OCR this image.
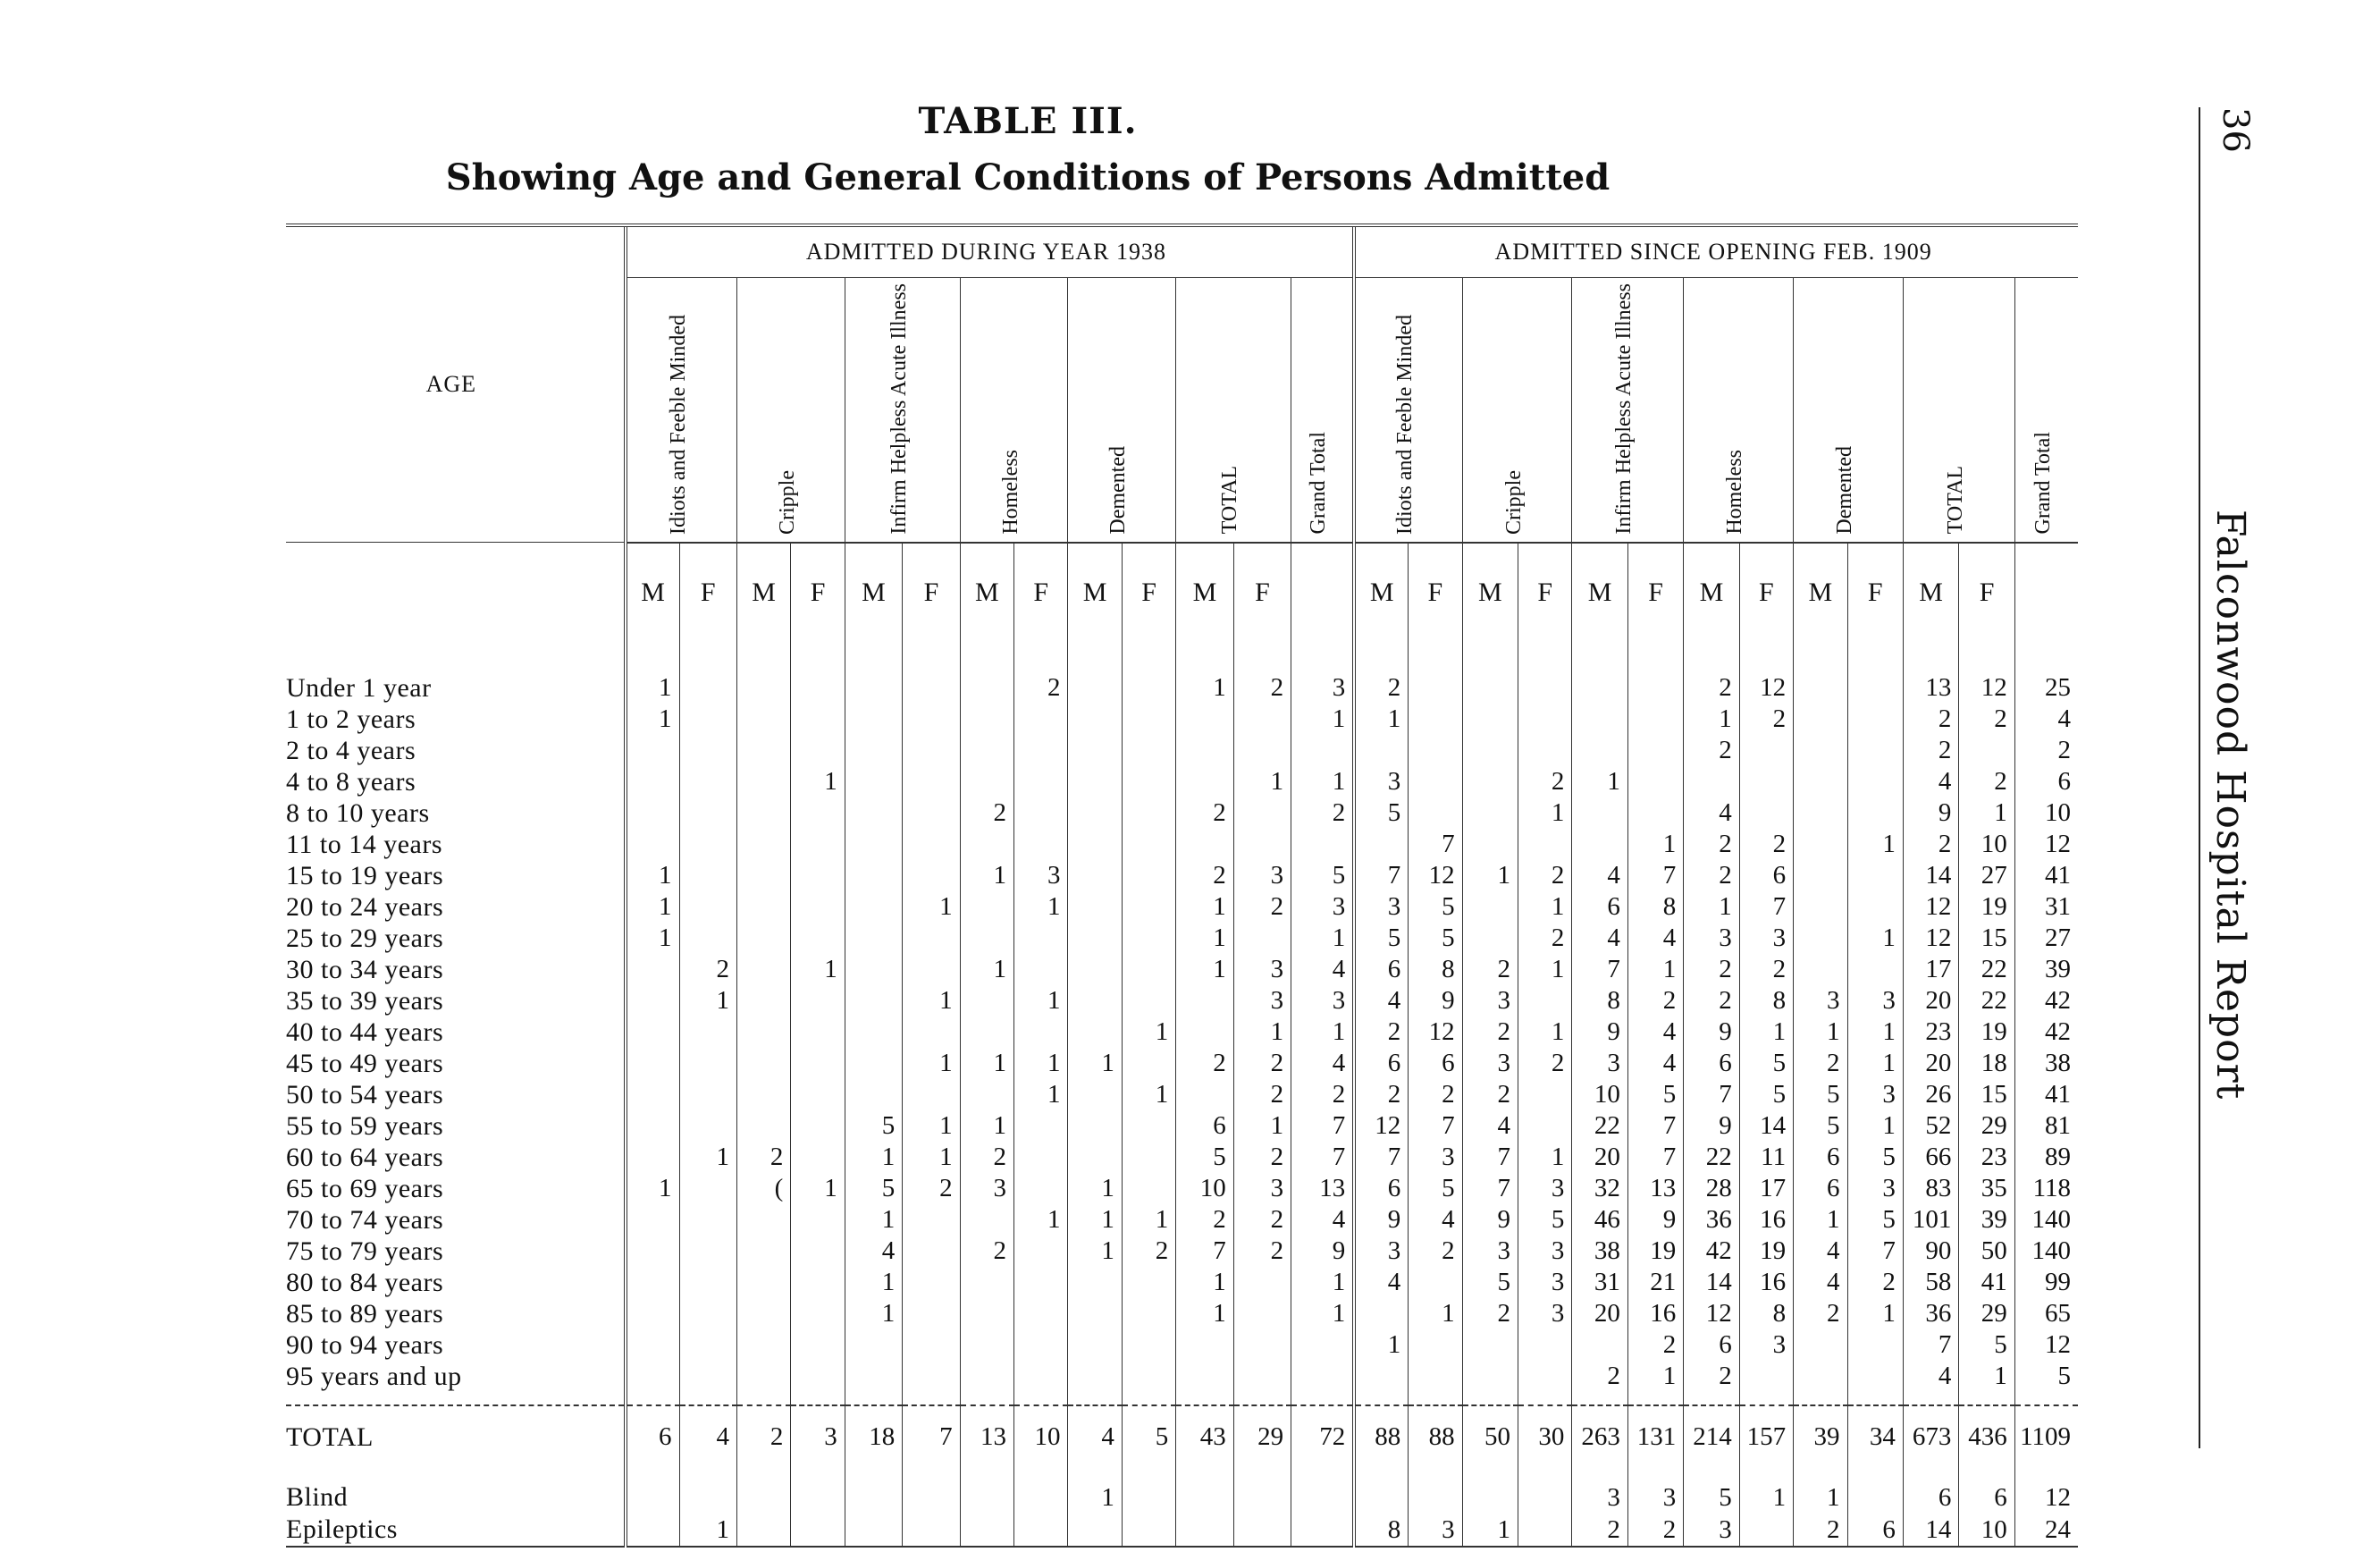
TABLE III.
Showing Age and General Conditions of Persons Admitted
36
Falconwood Hospital Report
AGE	ADMITTED DURING YEAR 1938													ADMITTED SINCE OPENING FEB. 1909												
	Idiots and Feeble Minded		Cripple		Infirm Helpless Acute Illness		Homeless		Demented		TOTAL		Grand Total	Idiots and Feeble Minded		Cripple		Infirm Helpless Acute Illness		Homeless		Demented		TOTAL		Grand Total
	M	F	M	F	M	F	M	F	M	F	M	F		M	F	M	F	M	F	M	F	M	F	M	F	

Under 1 year	1							2			1	2	3	2						2	12			13	12	25
1 to 2 years	1												1	1						1	2			2	2	4
2 to 4 years																				2				2		2
4 to 8 years				1								1	1	3			2	1						4	2	6
8 to 10 years							2				2		2	5			1			4				9	1	10
11 to 14 years															7				1	2	2		1	2	10	12
15 to 19 years	1						1	3			2	3	5	7	12	1	2	4	7	2	6			14	27	41
20 to 24 years	1					1		1			1	2	3	3	5		1	6	8	1	7			12	19	31
25 to 29 years	1										1		1	5	5		2	4	4	3	3		1	12	15	27
30 to 34 years		2		1			1				1	3	4	6	8	2	1	7	1	2	2			17	22	39
35 to 39 years		1				1		1				3	3	4	9	3		8	2	2	8	3	3	20	22	42
40 to 44 years										1		1	1	2	12	2	1	9	4	9	1	1	1	23	19	42
45 to 49 years						1	1	1	1		2	2	4	6	6	3	2	3	4	6	5	2	1	20	18	38
50 to 54 years								1		1		2	2	2	2	2		10	5	7	5	5	3	26	15	41
55 to 59 years					5	1	1				6	1	7	12	7	4		22	7	9	14	5	1	52	29	81
60 to 64 years		1	2		1	1	2				5	2	7	7	3	7	1	20	7	22	11	6	5	66	23	89
65 to 69 years	1		(	1	5	2	3		1		10	3	13	6	5	7	3	32	13	28	17	6	3	83	35	118
70 to 74 years					1			1	1	1	2	2	4	9	4	9	5	46	9	36	16	1	5	101	39	140
75 to 79 years					4		2		1	2	7	2	9	3	2	3	3	38	19	42	19	4	7	90	50	140
80 to 84 years					1						1		1	4		5	3	31	21	14	16	4	2	58	41	99
85 to 89 years					1						1		1		1	2	3	20	16	12	8	2	1	36	29	65
90 to 94 years														1					2	6	3			7	5	12
95 years and up																		2	1	2				4	1	5

TOTAL	6	4	2	3	18	7	13	10	4	5	43	29	72	88	88	50	30	263	131	214	157	39	34	673	436	1109

Blind									1									3	3	5	1	1		6	6	12
Epileptics		1												8	3	1		2	2	3		2	6	14	10	24
